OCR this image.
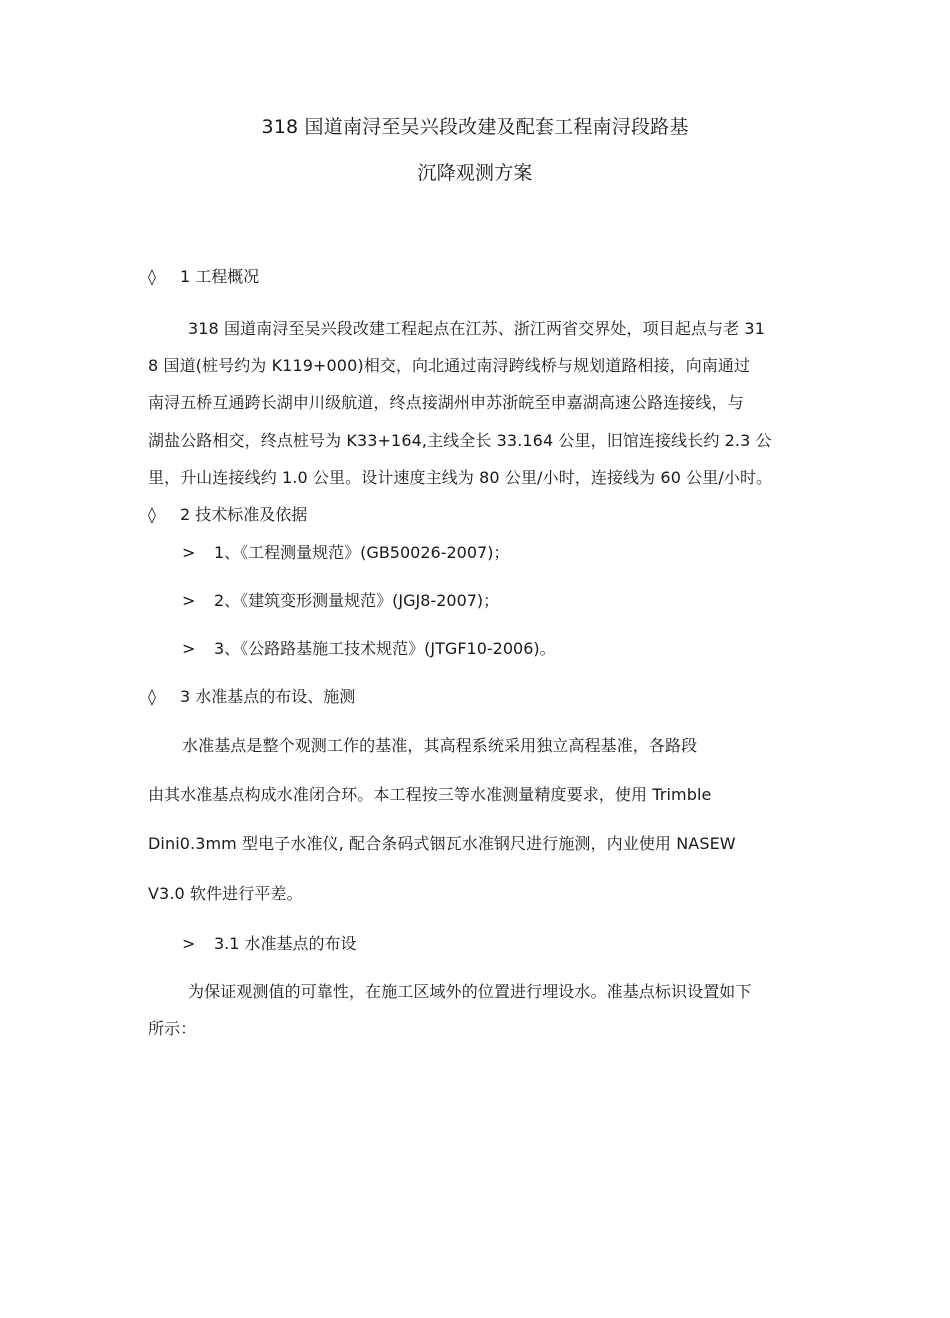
318 国道南浔至吴兴段改建及配套工程南浔段路基
沉降观测方案
◊ 1 工程概况
318 国道南浔至吴兴段改建工程起点在江苏、浙江两省交界处，项目起点与老 31
8 国道(桩号约为 K119+000)相交，向北通过南浔跨线桥与规划道路相接，向南通过
南浔五桥互通跨长湖申川级航道，终点接湖州申苏浙皖至申嘉湖高速公路连接线，与
湖盐公路相交，终点桩号为 K33+164,主线全长 33.164 公里，旧馆连接线长约 2.3 公
里，升山连接线约 1.0 公里。设计速度主线为 80 公里/小时，连接线为 60 公里/小时。
◊ 2 技术标准及依据
> 1、《工程测量规范》(GB50026-2007)；
> 2、《建筑变形测量规范》(JGJ8-2007)；
> 3、《公路路基施工技术规范》(JTGF10-2006)。
◊ 3 水准基点的布设、施测
水准基点是整个观测工作的基准，其高程系统采用独立高程基准，各路段
由其水准基点构成水准闭合环。本工程按三等水准测量精度要求，使用 Trimble
Dini0.3mm 型电子水准仪, 配合条码式铟瓦水准钢尺进行施测，内业使用 NASEW
V3.0 软件进行平差。
> 3.1 水准基点的布设
为保证观测值的可靠性，在施工区域外的位置进行埋设水。准基点标识设置如下
所示：
